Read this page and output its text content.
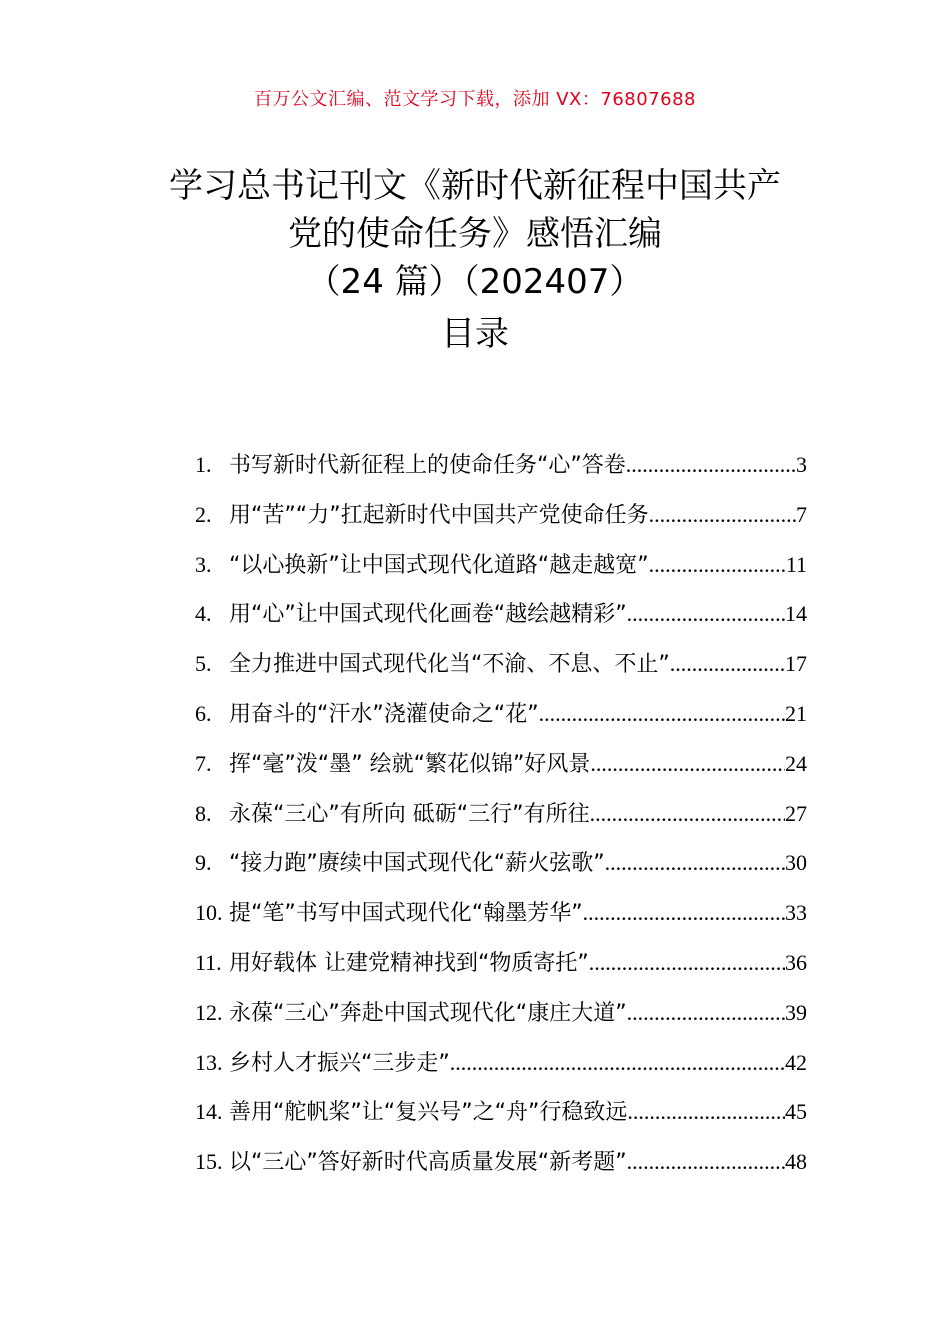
百万公文汇编、范文学习下载，添加 VX：76807688
学习总书记刊文《新时代新征程中国共产
党的使命任务》感悟汇编
（24 篇）（202407）
目录
1. 书写新时代新征程上的使命任务“心”答卷 .....	3
2. 用“苦”“力”扛起新时代中国共产党使命任务 .....	7
3. “以心换新”让中国式现代化道路“越走越宽” .....	11
4. 用“心”让中国式现代化画卷“越绘越精彩” .....	14
5. 全力推进中国式现代化当“不渝、不息、不止” .....	17
6. 用奋斗的“汗水”浇灌使命之“花” .....	21
7. 挥“毫”泼“墨” 绘就“繁花似锦”好风景 .....	24
8. 永葆“三心”有所向 砥砺“三行”有所往 .....	27
9. “接力跑”赓续中国式现代化“薪火弦歌” .....	30
10. 提“笔”书写中国式现代化“翰墨芳华” .....	33
11. 用好载体 让建党精神找到“物质寄托” .....	36
12. 永葆“三心”奔赴中国式现代化“康庄大道” .....	39
13. 乡村人才振兴“三步走” .....	42
14. 善用“舵帆桨”让“复兴号”之“舟”行稳致远 .....	45
15. 以“三心”答好新时代高质量发展“新考题” .....	48
